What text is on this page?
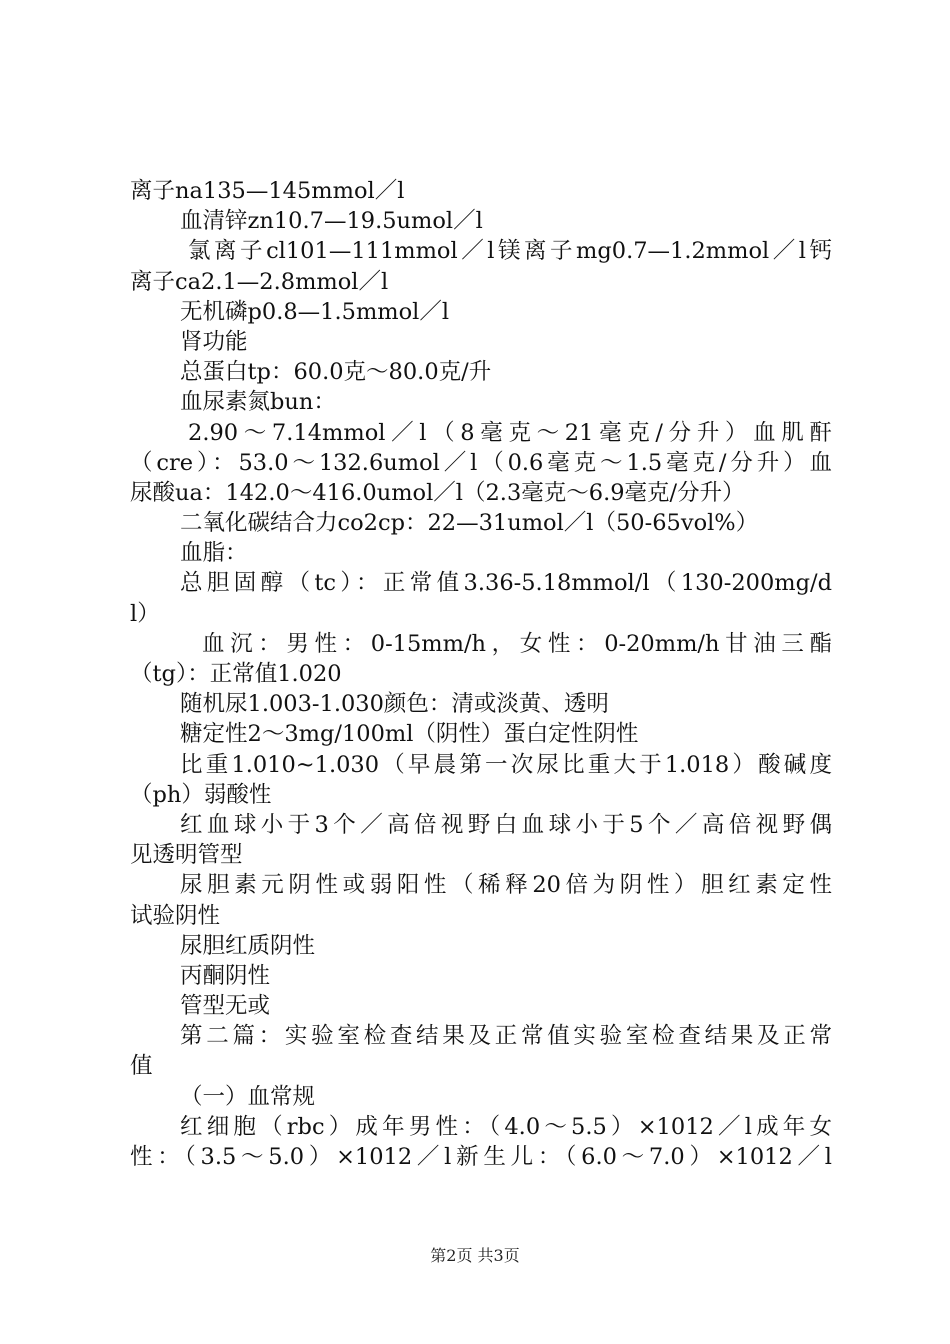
离子na135—145mmol／l
血清锌zn10.7—19.5umol／l
氯离子cl101—111mmol／l镁离子mg0.7—1.2mmol／l钙
离子ca2.1—2.8mmol／l
无机磷p0.8—1.5mmol／l
肾功能
总蛋白tp：60.0克～80.0克/升
血尿素氮bun：
2.90～7.14mmol／l（8毫克～21毫克/分升）血肌酐
（cre）：53.0～132.6umol／l（0.6毫克～1.5毫克/分升）血
尿酸ua：142.0～416.0umol／l（2.3毫克～6.9毫克/分升）
二氧化碳结合力co2cp：22—31umol／l（50-65vol%）
血脂：
总胆固醇（tc）：正常值3.36-5.18mmol/l（130-200mg/d
l）
血沉：男性：0-15mm/h，女性：0-20mm/h甘油三酯
（tg）：正常值1.020
随机尿1.003-1.030颜色：清或淡黄、透明
糖定性2～3mg/100ml（阴性）蛋白定性阴性
比重1.010~1.030（早晨第一次尿比重大于1.018）酸碱度
（ph）弱酸性
红血球小于3个／高倍视野白血球小于5个／高倍视野偶
见透明管型
尿胆素元阴性或弱阳性（稀释20倍为阴性）胆红素定性
试验阴性
尿胆红质阴性
丙酮阴性
管型无或
第二篇：实验室检查结果及正常值实验室检查结果及正常
值
（一）血常规
红细胞（rbc）成年男性：（4.0～5.5）×1012／l成年女
性：（3.5～5.0）×1012／l新生儿：（6.0～7.0）×1012／l
第2页 共3页
